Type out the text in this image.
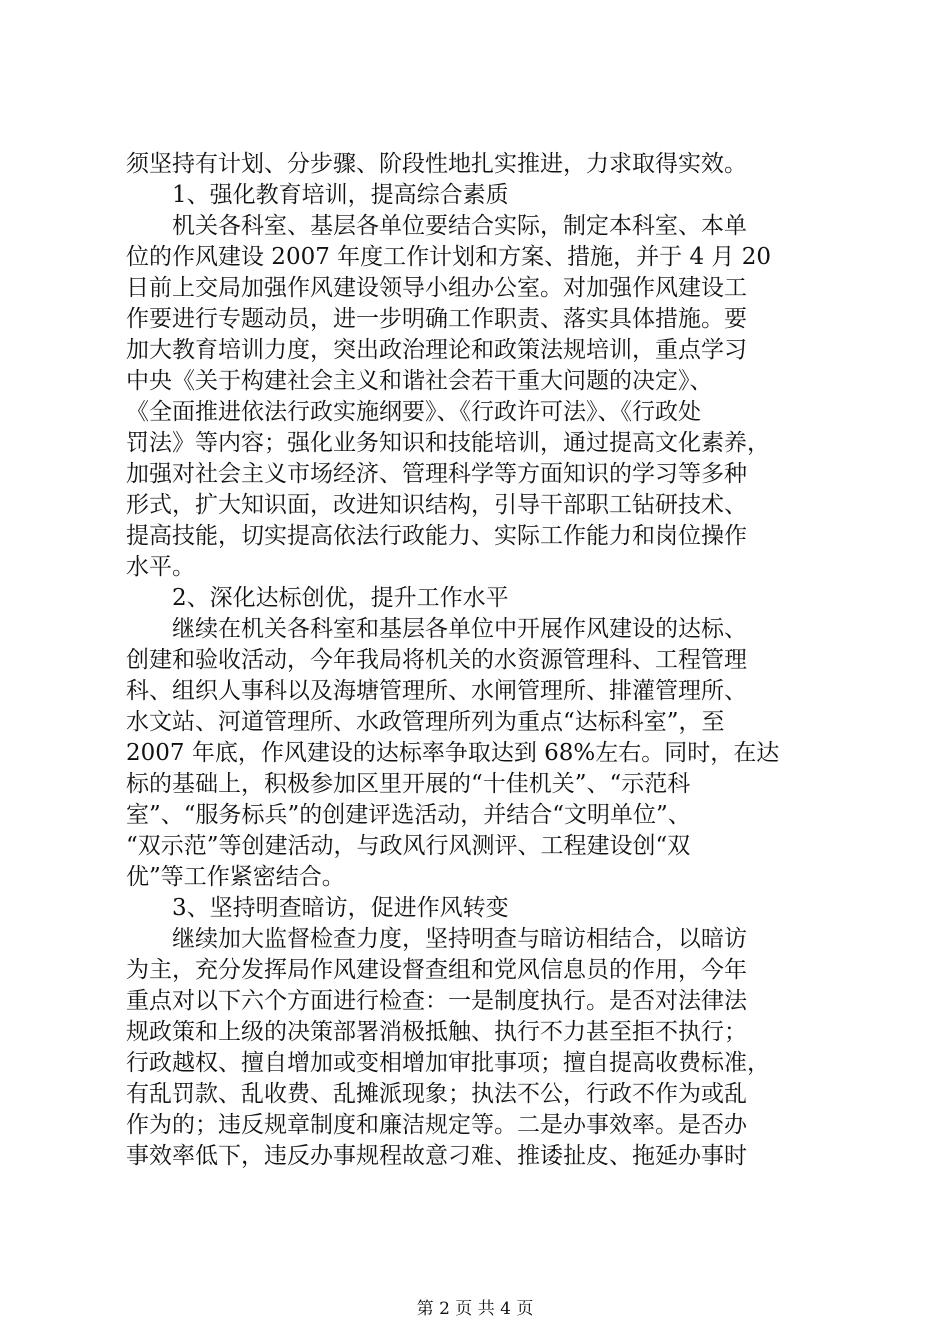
须坚持有计划、分步骤、阶段性地扎实推进，力求取得实效。
1、强化教育培训，提高综合素质
机关各科室、基层各单位要结合实际，制定本科室、本单
位的作风建设 2007 年度工作计划和方案、措施，并于 4 月 20
日前上交局加强作风建设领导小组办公室。对加强作风建设工
作要进行专题动员，进一步明确工作职责、落实具体措施。要
加大教育培训力度，突出政治理论和政策法规培训，重点学习
中央《关于构建社会主义和谐社会若干重大问题的决定》、
《全面推进依法行政实施纲要》、《行政许可法》、《行政处
罚法》等内容；强化业务知识和技能培训，通过提高文化素养，
加强对社会主义市场经济、管理科学等方面知识的学习等多种
形式，扩大知识面，改进知识结构，引导干部职工钻研技术、
提高技能，切实提高依法行政能力、实际工作能力和岗位操作
水平。
2、深化达标创优，提升工作水平
继续在机关各科室和基层各单位中开展作风建设的达标、
创建和验收活动，今年我局将机关的水资源管理科、工程管理
科、组织人事科以及海塘管理所、水闸管理所、排灌管理所、
水文站、河道管理所、水政管理所列为重点“达标科室”，至
2007 年底，作风建设的达标率争取达到 68%左右。同时，在达
标的基础上，积极参加区里开展的“十佳机关”、“示范科
室”、“服务标兵”的创建评选活动，并结合“文明单位”、
“双示范”等创建活动，与政风行风测评、工程建设创“双
优”等工作紧密结合。
3、坚持明查暗访，促进作风转变
继续加大监督检查力度，坚持明查与暗访相结合，以暗访
为主，充分发挥局作风建设督查组和党风信息员的作用，今年
重点对以下六个方面进行检查：一是制度执行。是否对法律法
规政策和上级的决策部署消极抵触、执行不力甚至拒不执行；
行政越权、擅自增加或变相增加审批事项；擅自提高收费标准，
有乱罚款、乱收费、乱摊派现象；执法不公，行政不作为或乱
作为的；违反规章制度和廉洁规定等。二是办事效率。是否办
事效率低下，违反办事规程故意刁难、推诿扯皮、拖延办事时
第 2 页 共 4 页
